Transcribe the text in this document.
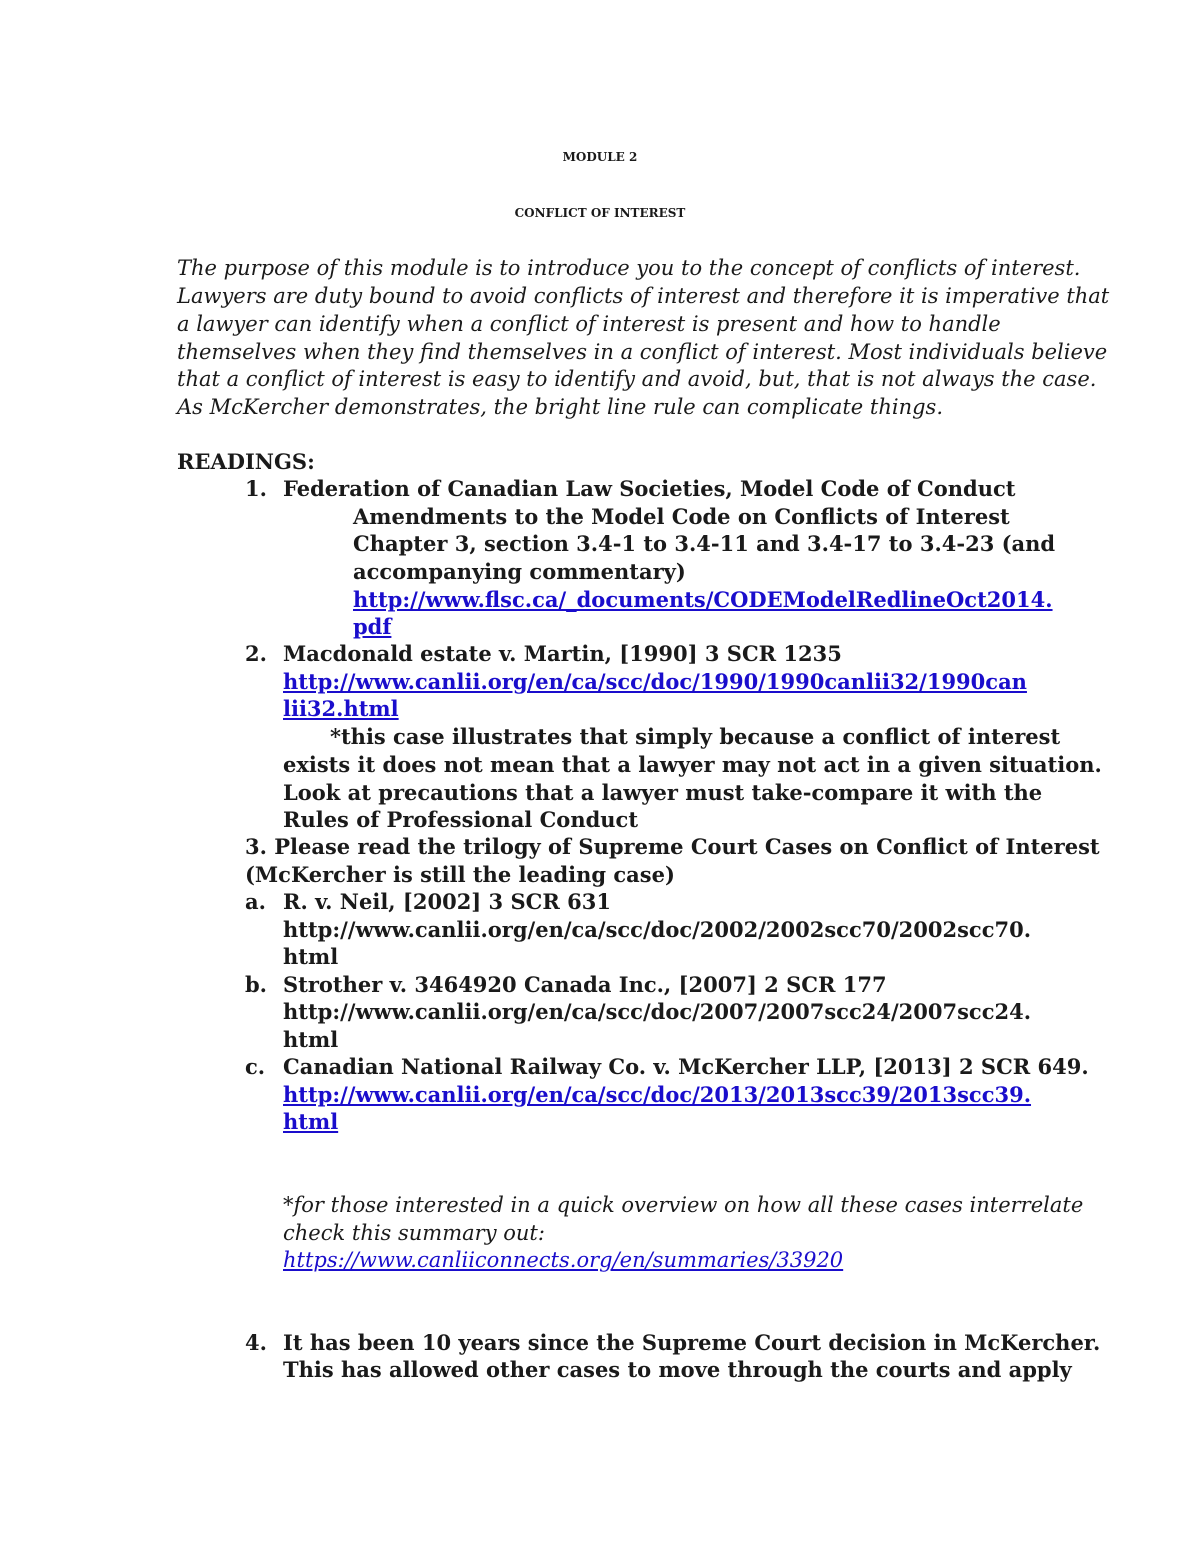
MODULE 2
CONFLICT OF INTEREST
The purpose of this module is to introduce you to the concept of conflicts of interest.
Lawyers are duty bound to avoid conflicts of interest and therefore it is imperative that
a lawyer can identify when a conflict of interest is present and how to handle
themselves when they find themselves in a conflict of interest. Most individuals believe
that a conflict of interest is easy to identify and avoid, but, that is not always the case.
As McKercher demonstrates, the bright line rule can complicate things.
READINGS:
1. Federation of Canadian Law Societies, Model Code of Conduct
Amendments to the Model Code on Conflicts of Interest
Chapter 3, section 3.4-1 to 3.4-11 and 3.4-17 to 3.4-23 (and
accompanying commentary)
http://www.flsc.ca/_documents/CODEModelRedlineOct2014.
pdf
2. Macdonald estate v. Martin, [1990] 3 SCR 1235
http://www.canlii.org/en/ca/scc/doc/1990/1990canlii32/1990can
lii32.html
*this case illustrates that simply because a conflict of interest
exists it does not mean that a lawyer may not act in a given situation.
Look at precautions that a lawyer must take-compare it with the
Rules of Professional Conduct
3. Please read the trilogy of Supreme Court Cases on Conflict of Interest
(McKercher is still the leading case)
a. R. v. Neil, [2002] 3 SCR 631
http://www.canlii.org/en/ca/scc/doc/2002/2002scc70/2002scc70.
html
b. Strother v. 3464920 Canada Inc., [2007] 2 SCR 177
http://www.canlii.org/en/ca/scc/doc/2007/2007scc24/2007scc24.
html
c. Canadian National Railway Co. v. McKercher LLP, [2013] 2 SCR 649.
http://www.canlii.org/en/ca/scc/doc/2013/2013scc39/2013scc39.
html
*for those interested in a quick overview on how all these cases interrelate
check this summary out:
https://www.canliiconnects.org/en/summaries/33920
4. It has been 10 years since the Supreme Court decision in McKercher.
This has allowed other cases to move through the courts and apply
